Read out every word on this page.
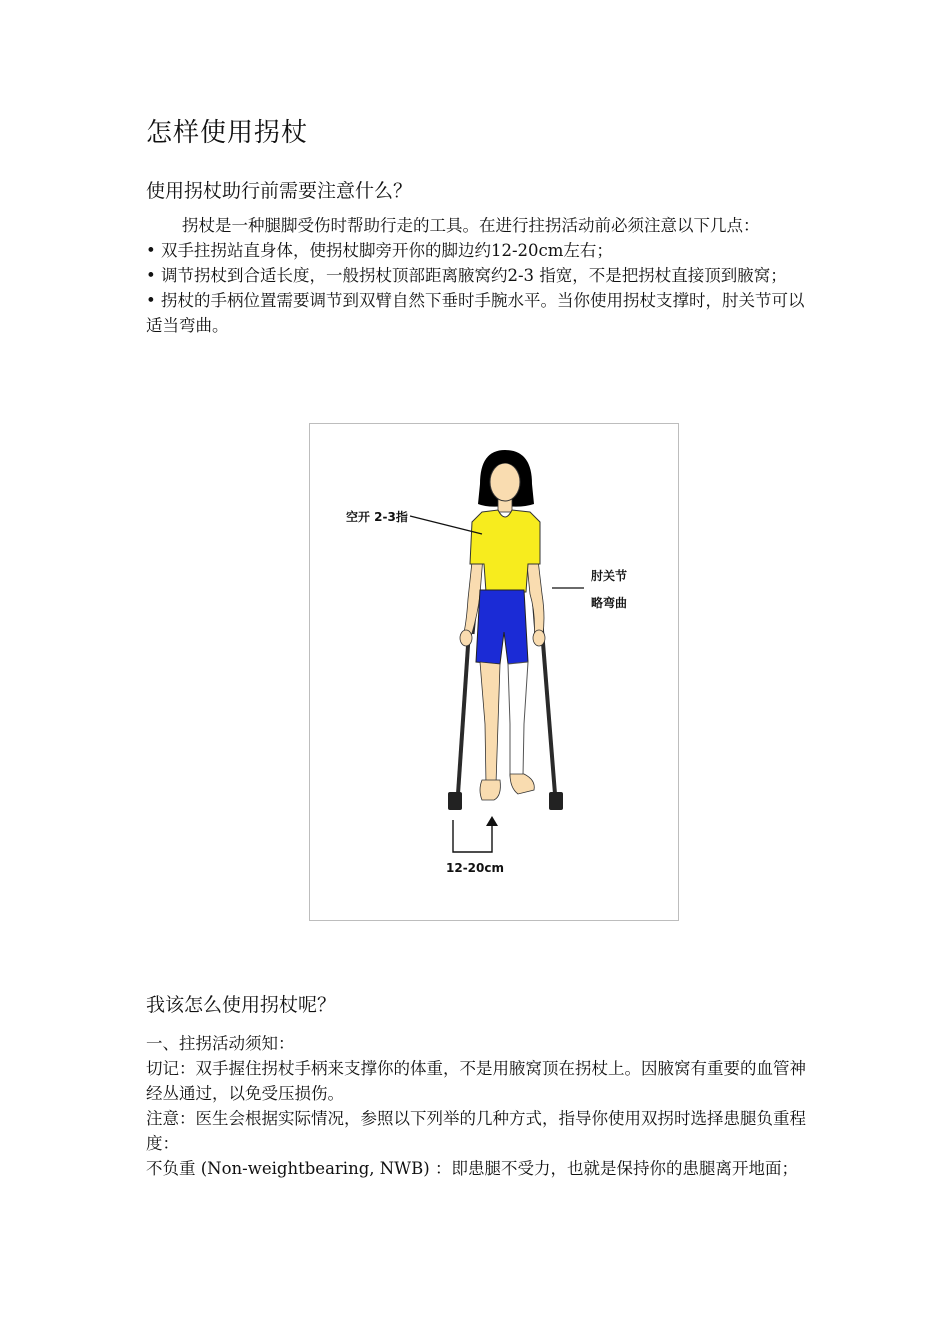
怎样使用拐杖
使用拐杖助行前需要注意什么？

拐杖是一种腿脚受伤时帮助行走的工具。在进行拄拐活动前必须注意以下几点：

• 双手拄拐站直身体，使拐杖脚旁开你的脚边约12-20cm左右；

• 调节拐杖到合适长度，一般拐杖顶部距离腋窝约2-3 指宽，不是把拐杖直接顶到腋窝；

• 拐杖的手柄位置需要调节到双臂自然下垂时手腕水平。当你使用拐杖支撑时，肘关节可以适当弯曲。

空开 2-3指
肘关节
略弯曲
12-20cm
我该怎么使用拐杖呢？

一、拄拐活动须知：

切记：双手握住拐杖手柄来支撑你的体重，不是用腋窝顶在拐杖上。因腋窝有重要的血管神经丛通过，以免受压损伤。

注意：医生会根据实际情况，参照以下列举的几种方式，指导你使用双拐时选择患腿负重程度：

不负重 (Non-weightbearing, NWB) ：即患腿不受力，也就是保持你的患腿离开地面；
